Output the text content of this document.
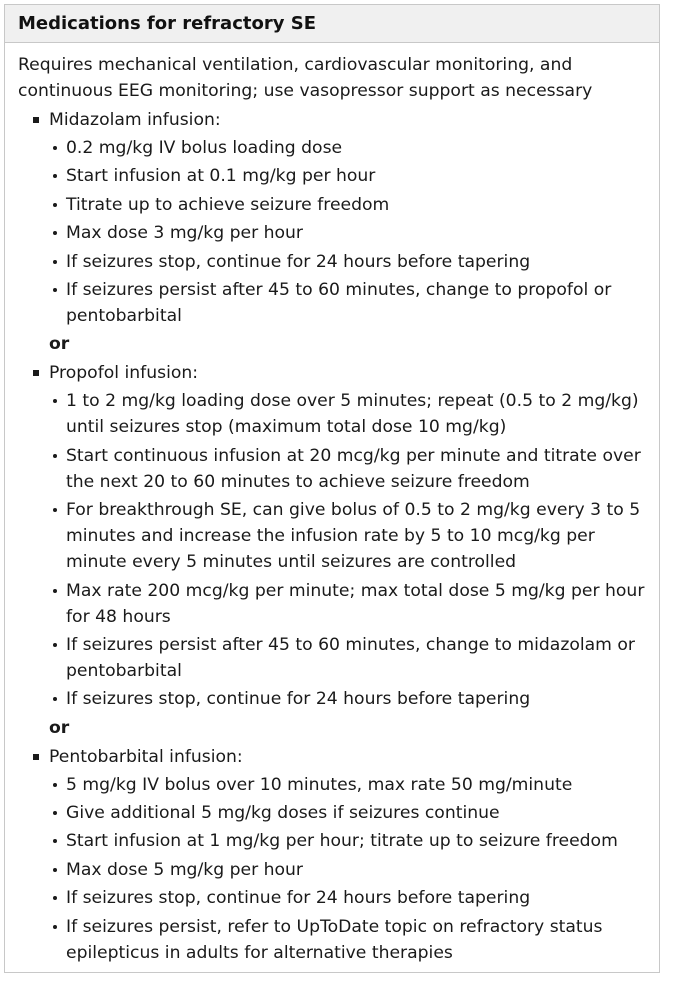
Medications for refractory SE
Requires mechanical ventilation, cardiovascular monitoring, and continuous EEG monitoring; use vasopressor support as necessary
Midazolam infusion:
0.2 mg/kg IV bolus loading dose
Start infusion at 0.1 mg/kg per hour
Titrate up to achieve seizure freedom
Max dose 3 mg/kg per hour
If seizures stop, continue for 24 hours before tapering
If seizures persist after 45 to 60 minutes, change to propofol or pentobarbital
or
Propofol infusion:
1 to 2 mg/kg loading dose over 5 minutes; repeat (0.5 to 2 mg/kg) until seizures stop (maximum total dose 10 mg/kg)
Start continuous infusion at 20 mcg/kg per minute and titrate over the next 20 to 60 minutes to achieve seizure freedom
For breakthrough SE, can give bolus of 0.5 to 2 mg/kg every 3 to 5 minutes and increase the infusion rate by 5 to 10 mcg/kg per minute every 5 minutes until seizures are controlled
Max rate 200 mcg/kg per minute; max total dose 5 mg/kg per hour for 48 hours
If seizures persist after 45 to 60 minutes, change to midazolam or pentobarbital
If seizures stop, continue for 24 hours before tapering
or
Pentobarbital infusion:
5 mg/kg IV bolus over 10 minutes, max rate 50 mg/minute
Give additional 5 mg/kg doses if seizures continue
Start infusion at 1 mg/kg per hour; titrate up to seizure freedom
Max dose 5 mg/kg per hour
If seizures stop, continue for 24 hours before tapering
If seizures persist, refer to UpToDate topic on refractory status epilepticus in adults for alternative therapies
